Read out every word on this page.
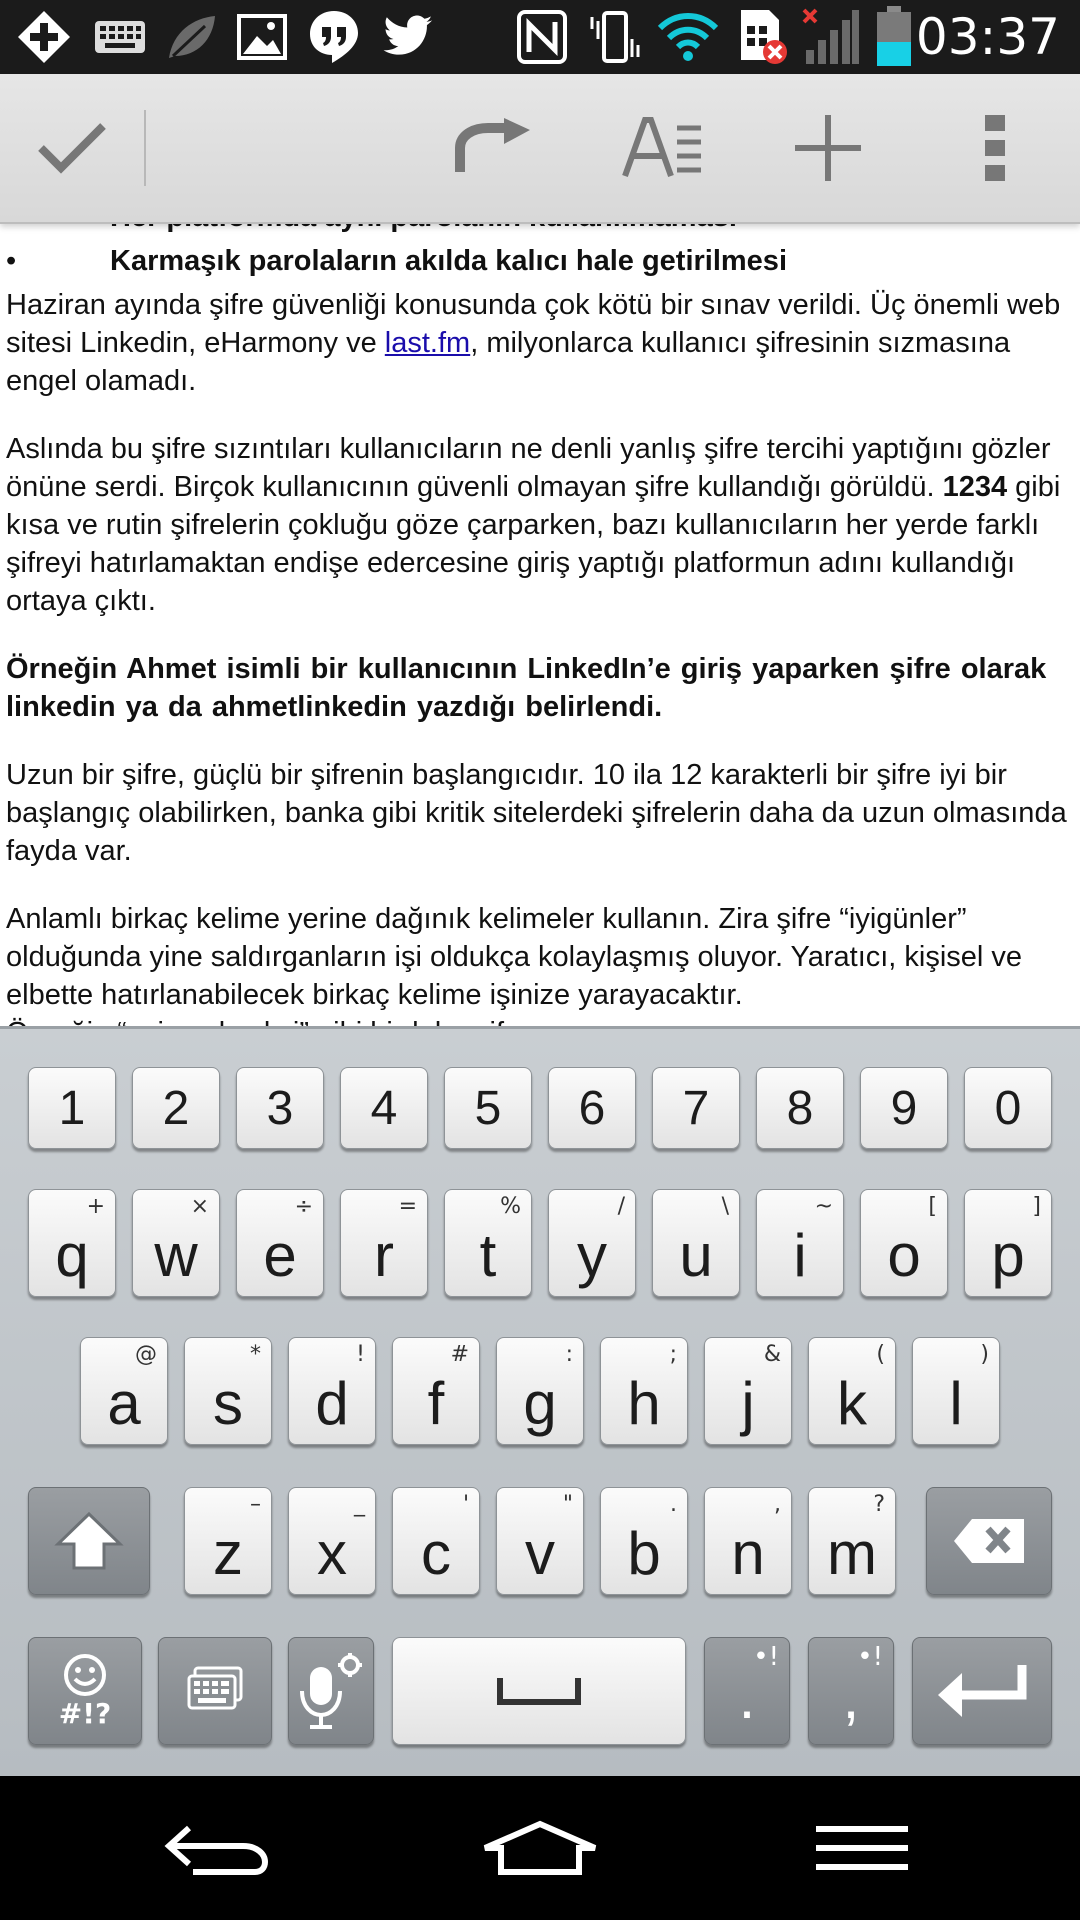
03:37
•	Karmaşık parolaların akılda kalıcı hale getirilmesi

Haziran ayında şifre güvenliği konusunda çok kötü bir sınav verildi. Üç önemli web sitesi Linkedin, eHarmony ve last.fm, milyonlarca kullanıcı şifresinin sızmasına engel olamadı.

Aslında bu şifre sızıntıları kullanıcıların ne denli yanlış şifre tercihi yaptığını gözler önüne serdi. Birçok kullanıcının güvenli olmayan şifre kullandığı görüldü. 1234 gibi kısa ve rutin şifrelerin çokluğu göze çarparken, bazı kullanıcıların her yerde farklı şifreyi hatırlamaktan endişe edercesine giriş yaptığı platformun adını kullandığı ortaya çıktı.

Örneğin Ahmet isimli bir kullanıcının LinkedIn’e giriş yaparken şifre olarak linkedin ya da ahmetlinkedin yazdığı belirlendi.

Uzun bir şifre, güçlü bir şifrenin başlangıcıdır. 10 ila 12 karakterli bir şifre iyi bir başlangıç olabilirken, banka gibi kritik sitelerdeki şifrelerin daha da uzun olmasında fayda var.

Anlamlı birkaç kelime yerine dağınık kelimeler kullanın. Zira şifre “iyigünler” olduğunda yine saldırganların işi oldukça kolaylaşmış oluyor. Yaratıcı, kişisel ve elbette hatırlanabilecek birkaç kelime işinize yarayacaktır.

1 2 3 4 5 6 7 8 9 0
+
q
×
w
÷
e
=
r
%
t
/
y
\
u
~
i
[
o
]
p
@
a
*
s
!
d
#
f
:
g
;
h
&
j
(
k
)
l
–
z
_
x
'
c
"
v
.
b
,
n
?
m
#!?
•!
.
•!
,
